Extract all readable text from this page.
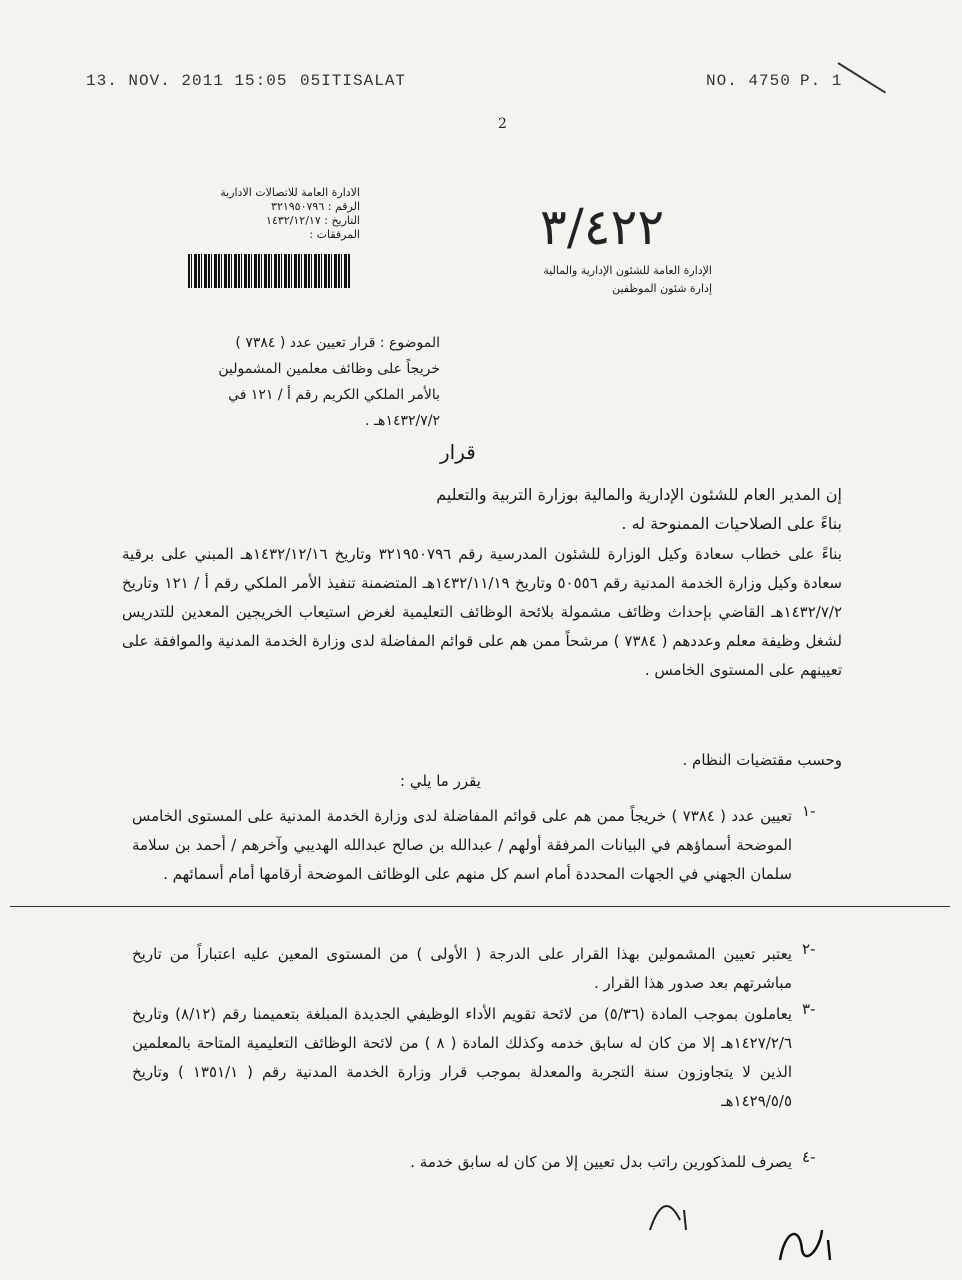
13. NOV. 2011 15:05 05ITISALAT	NO. 4750 P. 1
2
الادارة العامة للاتصالات الادارية
الرقم : ٣٢١٩٥٠٧٩٦
التاريخ : ١٤٣٢/١٢/١٧
المرفقات :	٣/٤٢٢
الإدارة العامة للشئون الإدارية والمالية
إدارة شئون الموظفين
الموضوع : قرار تعيين عدد ( ٧٣٨٤ ) خريجاً على وظائف معلمين المشمولين بالأمر الملكي الكريم رقم أ / ١٢١ في ١٤٣٢/٧/٢هـ .
قرار
إن المدير العام للشئون الإدارية والمالية بوزارة التربية والتعليم
بناءً على الصلاحيات الممنوحة له .
بناءً على خطاب سعادة وكيل الوزارة للشئون المدرسية رقم ٣٢١٩٥٠٧٩٦ وتاريخ ١٤٣٢/١٢/١٦هـ المبني على برقية سعادة وكيل وزارة الخدمة المدنية رقم ٥٠٥٥٦ وتاريخ ١٤٣٢/١١/١٩هـ المتضمنة تنفيذ الأمر الملكي رقم أ / ١٢١ وتاريخ ١٤٣٢/٧/٢هـ القاضي بإحداث وظائف مشمولة بلائحة الوظائف التعليمية لغرض استيعاب الخريجين المعدين للتدريس لشغل وظيفة معلم وعددهم ( ٧٣٨٤ ) مرشحاً ممن هم على قوائم المفاضلة لدى وزارة الخدمة المدنية والموافقة على تعيينهم على المستوى الخامس .
وحسب مقتضيات النظام .
يقرر ما يلي :
١-
تعيين عدد ( ٧٣٨٤ ) خريجاً ممن هم على قوائم المفاضلة لدى وزارة الخدمة المدنية على المستوى الخامس الموضحة أسماؤهم في البيانات المرفقة أولهم / عبدالله بن صالح عبدالله الهديبي وآخرهم / أحمد بن سلامة سلمان الجهني في الجهات المحددة أمام اسم كل منهم على الوظائف الموضحة أرقامها أمام أسمائهم .
٢-
يعتبر تعيين المشمولين بهذا القرار على الدرجة ( الأولى ) من المستوى المعين عليه اعتباراً من تاريخ مباشرتهم بعد صدور هذا القرار .
٣-
يعاملون بموجب المادة (٥/٣٦) من لائحة تقويم الأداء الوظيفي الجديدة المبلغة بتعميمنا رقم (٨/١٢) وتاريخ ١٤٢٧/٢/٦هـ إلا من كان له سابق خدمه وكذلك المادة ( ٨ ) من لائحة الوظائف التعليمية المتاحة بالمعلمين الذين لا يتجاوزون سنة التجربة والمعدلة بموجب قرار وزارة الخدمة المدنية رقم ( ١٣٥١/١ ) وتاريخ ١٤٢٩/٥/٥هـ
٤-
يصرف للمذكورين راتب بدل تعيين إلا من كان له سابق خدمة .
